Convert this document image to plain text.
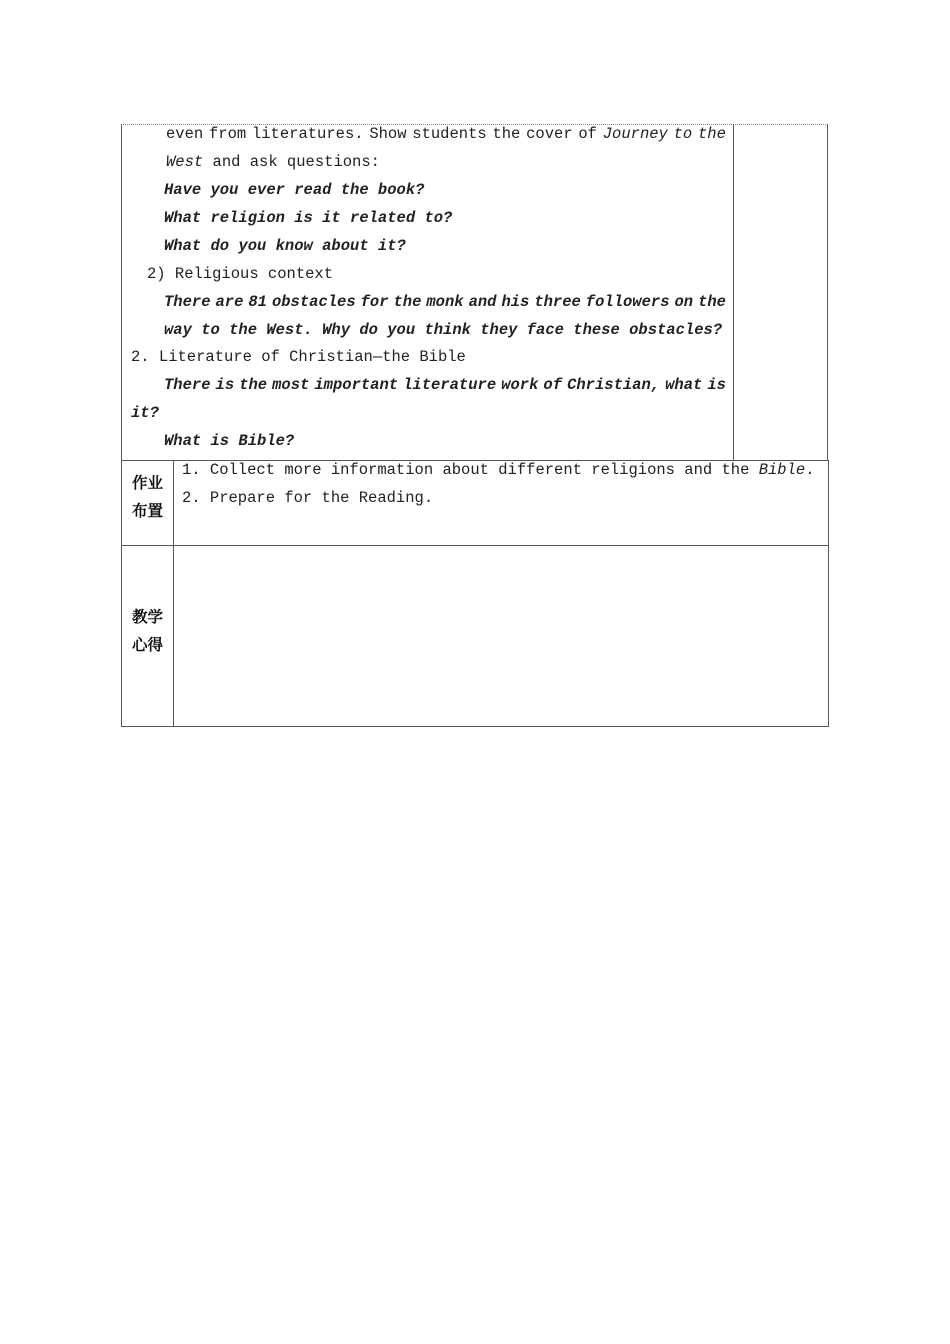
even from literatures. Show students the cover of Journey to the
West and ask questions:
Have you ever read the book?
What religion is it related to?
What do you know about it?
2) Religious context
There are 81 obstacles for the monk and his three followers on the
way to the West. Why do you think they face these obstacles?
2. Literature of Christian—the Bible
There is the most important literature work of Christian, what is
it?
What is Bible?
作业
布置
1. Collect more information about different religions and the Bible.
2. Prepare for the Reading.
教学
心得
